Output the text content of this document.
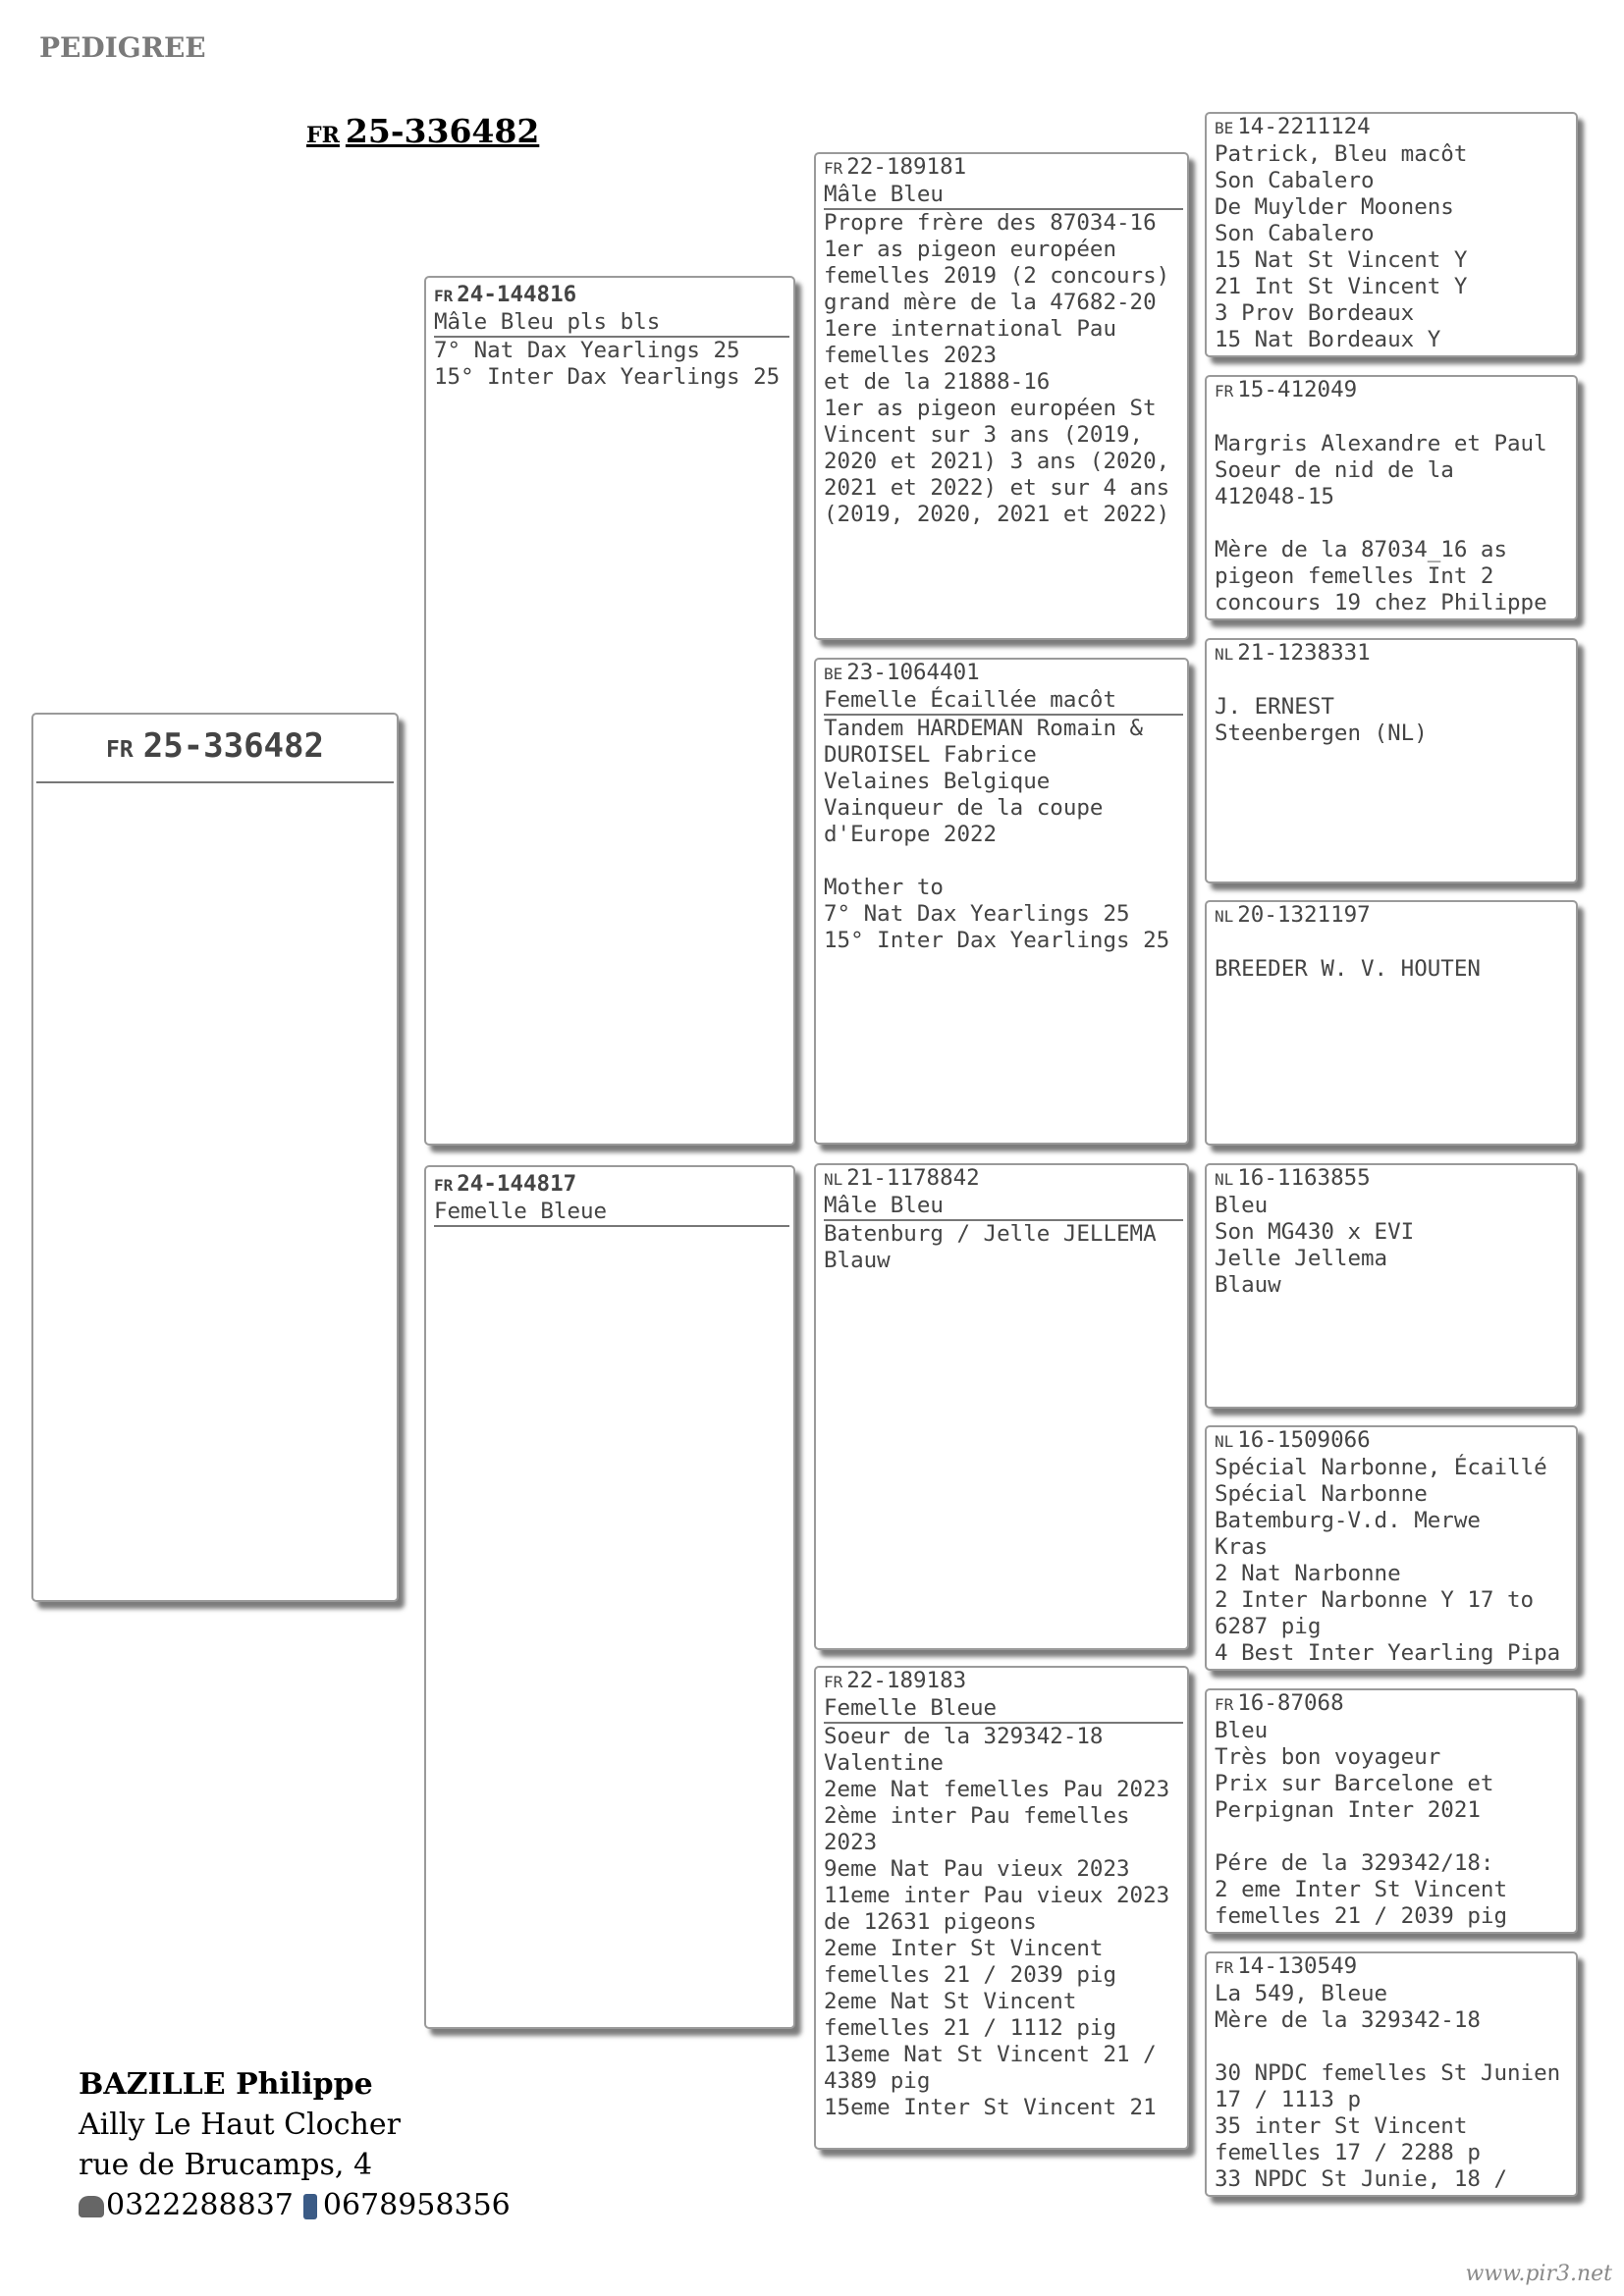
PEDIGREE
FR 25-336482
FR 25-336482
FR 24-144816
Mâle Bleu pls bls
7° Nat Dax Yearlings 25
15° Inter Dax Yearlings 25
FR 24-144817
Femelle Bleue
FR 22-189181
Mâle Bleu
Propre frère des 87034-16
1er as pigeon européen
femelles 2019 (2 concours)
grand mère de la 47682-20
1ere international Pau
femelles 2023
et de la 21888-16
1er as pigeon européen St
Vincent sur 3 ans (2019,
2020 et 2021) 3 ans (2020,
2021 et 2022) et sur 4 ans
(2019, 2020, 2021 et 2022)
BE 23-1064401
Femelle Écaillée macôt
Tandem HARDEMAN Romain &
DUROISEL Fabrice
Velaines Belgique
Vainqueur de la coupe
d'Europe 2022

Mother to
7° Nat Dax Yearlings 25
15° Inter Dax Yearlings 25
NL 21-1178842
Mâle Bleu
Batenburg / Jelle JELLEMA
Blauw
FR 22-189183
Femelle Bleue
Soeur de la 329342-18
Valentine
2eme Nat femelles Pau 2023
2ème inter Pau femelles
2023
9eme Nat Pau vieux 2023
11eme inter Pau vieux 2023
de 12631 pigeons
2eme Inter St Vincent
femelles 21 / 2039 pig
2eme Nat St Vincent
femelles 21 / 1112 pig
13eme Nat St Vincent 21 /
4389 pig
15eme Inter St Vincent 21
BE 14-2211124
Patrick, Bleu macôt
Son Cabalero
De Muylder Moonens
Son Cabalero
15 Nat St Vincent Y
21 Int St Vincent Y
3 Prov Bordeaux
15 Nat Bordeaux Y
FR 15-412049

Margris Alexandre et Paul
Soeur de nid de la
412048-15

Mère de la 87034_16 as
pigeon femelles Int 2
concours 19 chez Philippe
NL 21-1238331

J. ERNEST
Steenbergen (NL)
NL 20-1321197

BREEDER W. V. HOUTEN
NL 16-1163855
Bleu
Son MG430 x EVI
Jelle Jellema
Blauw
NL 16-1509066
Spécial Narbonne, Écaillé
Spécial Narbonne
Batemburg-V.d. Merwe
Kras
2 Nat Narbonne
2 Inter Narbonne Y 17 to
6287 pig
4 Best Inter Yearling Pipa
FR 16-87068
Bleu
Très bon voyageur
Prix sur Barcelone et
Perpignan Inter 2021

Pére de la 329342/18:
2 eme Inter St Vincent
femelles 21 / 2039 pig
FR 14-130549
La 549, Bleue
Mère de la 329342-18

30 NPDC femelles St Junien
17 / 1113 p
35 inter St Vincent
femelles 17 / 2288 p
33 NPDC St Junie, 18 /
BAZILLE Philippe
Ailly Le Haut Clocher
rue de Brucamps, 4
0322288837 0678958356
www.pir3.net
